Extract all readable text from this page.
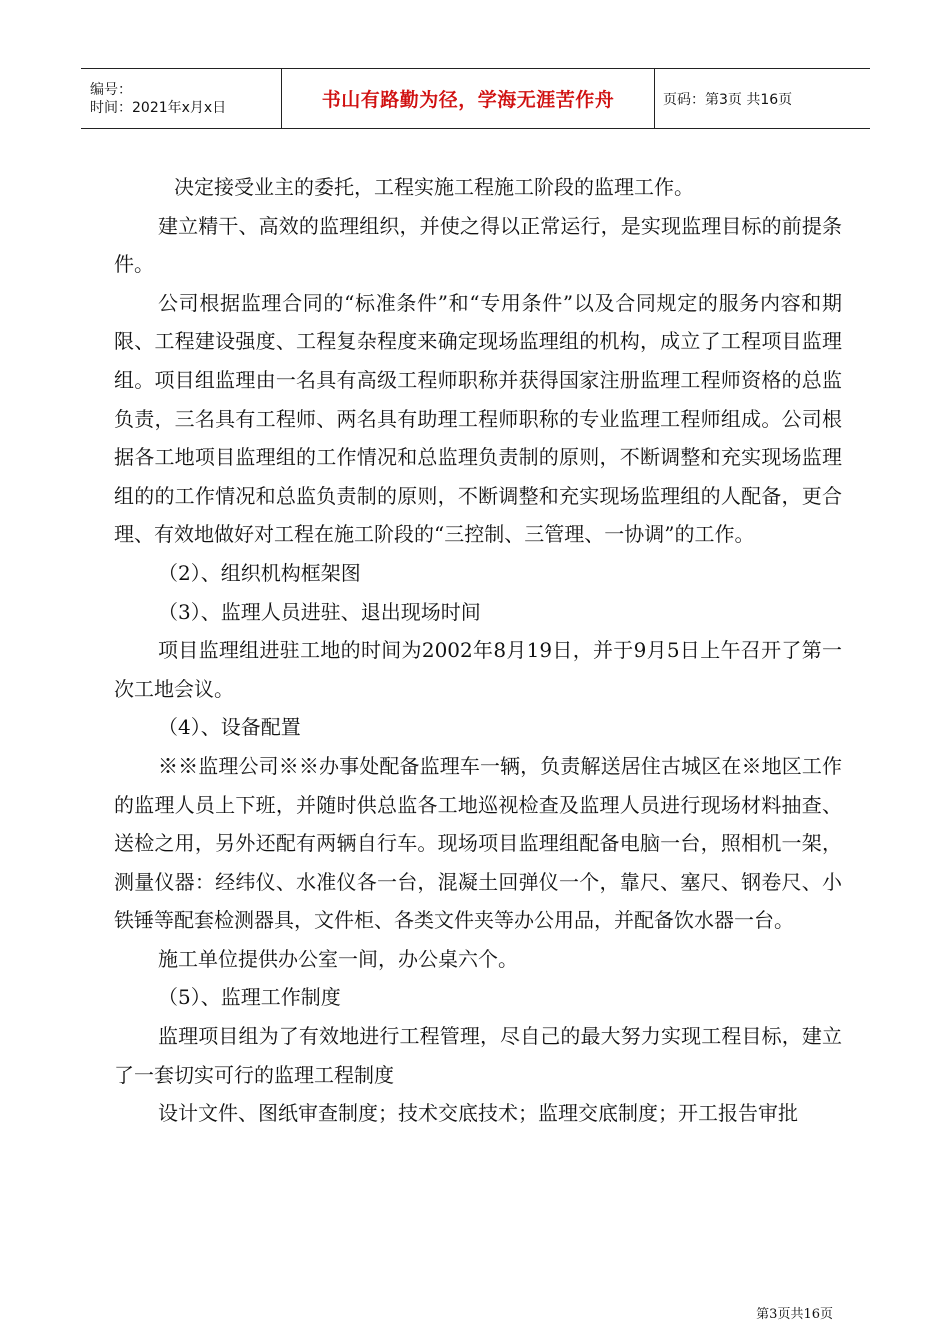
编号：
时间：2021年x月x日	书山有路勤为径，学海无涯苦作舟	页码：第3页 共16页

决定接受业主的委托，工程实施工程施工阶段的监理工作。

建立精干、高效的监理组织，并使之得以正常运行，是实现监理目标的前提条件。

公司根据监理合同的“标准条件”和“专用条件”以及合同规定的服务内容和期限、工程建设强度、工程复杂程度来确定现场监理组的机构，成立了工程项目监理组。项目组监理由一名具有高级工程师职称并获得国家注册监理工程师资格的总监负责，三名具有工程师、两名具有助理工程师职称的专业监理工程师组成。公司根据各工地项目监理组的工作情况和总监理负责制的原则，不断调整和充实现场监理组的的工作情况和总监负责制的原则，不断调整和充实现场监理组的人配备，更合理、有效地做好对工程在施工阶段的“三控制、三管理、一协调”的工作。

（2）、组织机构框架图

（3）、监理人员进驻、退出现场时间

项目监理组进驻工地的时间为2002年8月19日，并于9月5日上午召开了第一次工地会议。

（4）、设备配置

※※监理公司※※办事处配备监理车一辆，负责解送居住古城区在※地区工作的监理人员上下班，并随时供总监各工地巡视检查及监理人员进行现场材料抽查、送检之用，另外还配有两辆自行车。现场项目监理组配备电脑一台，照相机一架，测量仪器：经纬仪、水准仪各一台，混凝土回弹仪一个，靠尺、塞尺、钢卷尺、小铁锤等配套检测器具，文件柜、各类文件夹等办公用品，并配备饮水器一台。

施工单位提供办公室一间，办公桌六个。

（5）、监理工作制度

监理项目组为了有效地进行工程管理，尽自己的最大努力实现工程目标，建立了一套切实可行的监理工程制度

设计文件、图纸审查制度；技术交底技术；监理交底制度；开工报告审批

第3页共16页
